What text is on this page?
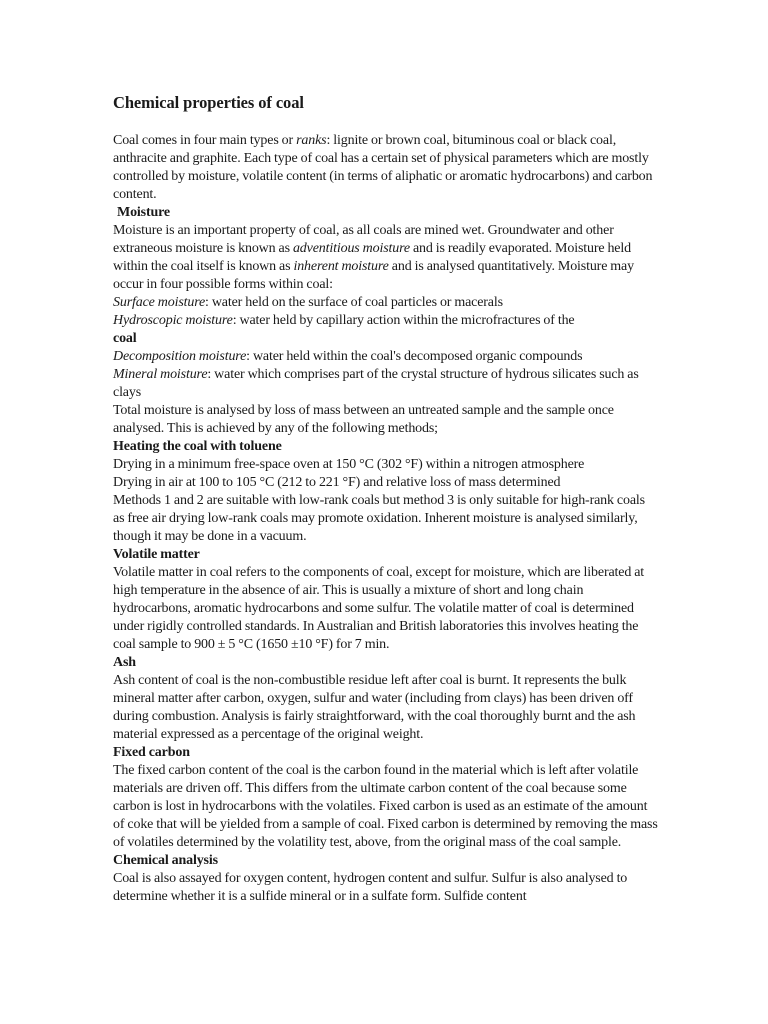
Chemical properties of coal

Coal comes in four main types or ranks: lignite or brown coal, bituminous coal or black coal, anthracite and graphite. Each type of coal has a certain set of physical parameters which are mostly controlled by moisture, volatile content (in terms of aliphatic or aromatic hydrocarbons) and carbon content.

Moisture

Moisture is an important property of coal, as all coals are mined wet. Groundwater and other extraneous moisture is known as adventitious moisture and is readily evaporated. Moisture held within the coal itself is known as inherent moisture and is analysed quantitatively. Moisture may occur in four possible forms within coal:

Surface moisture: water held on the surface of coal particles or macerals

Hydroscopic moisture: water held by capillary action within the microfractures of the

coal

Decomposition moisture: water held within the coal's decomposed organic compounds

Mineral moisture: water which comprises part of the crystal structure of hydrous silicates such as clays

Total moisture is analysed by loss of mass between an untreated sample and the sample once analysed. This is achieved by any of the following methods;

Heating the coal with toluene

Drying in a minimum free-space oven at 150 °C (302 °F) within a nitrogen atmosphere

Drying in air at 100 to 105 °C (212 to 221 °F) and relative loss of mass determined

Methods 1 and 2 are suitable with low-rank coals but method 3 is only suitable for high-rank coals as free air drying low-rank coals may promote oxidation. Inherent moisture is analysed similarly, though it may be done in a vacuum.

Volatile matter

Volatile matter in coal refers to the components of coal, except for moisture, which are liberated at high temperature in the absence of air. This is usually a mixture of short and long chain hydrocarbons, aromatic hydrocarbons and some sulfur. The volatile matter of coal is determined under rigidly controlled standards. In Australian and British laboratories this involves heating the coal sample to 900 ± 5 °C (1650 ±10 °F) for 7 min.

Ash

Ash content of coal is the non-combustible residue left after coal is burnt. It represents the bulk mineral matter after carbon, oxygen, sulfur and water (including from clays) has been driven off during combustion. Analysis is fairly straightforward, with the coal thoroughly burnt and the ash material expressed as a percentage of the original weight.

Fixed carbon

The fixed carbon content of the coal is the carbon found in the material which is left after volatile materials are driven off. This differs from the ultimate carbon content of the coal because some carbon is lost in hydrocarbons with the volatiles. Fixed carbon is used as an estimate of the amount of coke that will be yielded from a sample of coal. Fixed carbon is determined by removing the mass of volatiles determined by the volatility test, above, from the original mass of the coal sample.

Chemical analysis

Coal is also assayed for oxygen content, hydrogen content and sulfur. Sulfur is also analysed to determine whether it is a sulfide mineral or in a sulfate form. Sulfide content
